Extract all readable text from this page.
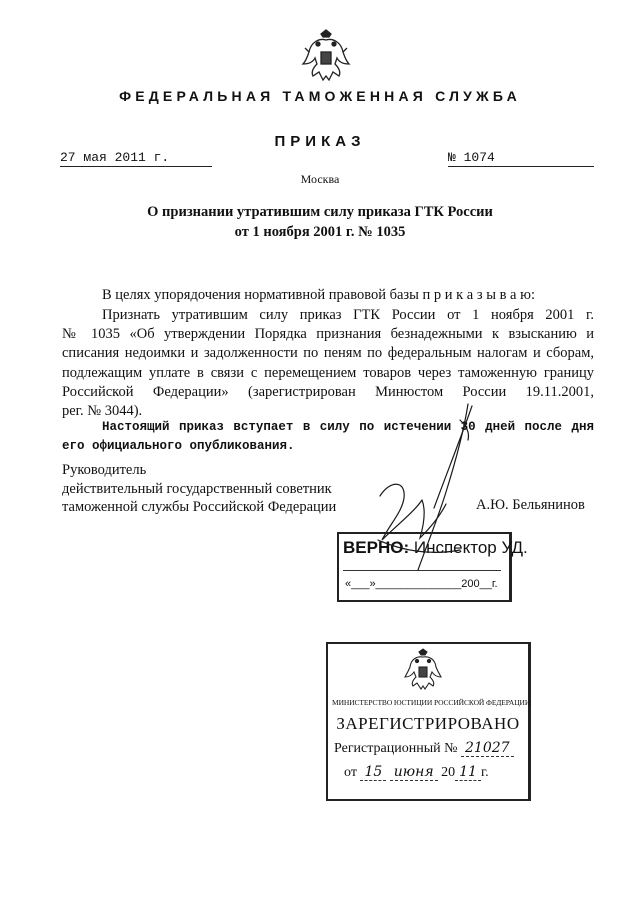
ФЕДЕРАЛЬНАЯ ТАМОЖЕННАЯ СЛУЖБА
ПРИКАЗ
27 мая 2011 г.	№ 1074
Москва
О признании утратившим силу приказа ГТК России
от 1 ноября 2001 г. № 1035
В целях упорядочения нормативной правовой базы п р и к а з ы в а ю:
Признать утратившим силу приказ ГТК России от 1 ноября 2001 г.
№ 1035 «Об утверждении Порядка признания безнадежными к взысканию и
списания недоимки и задолженности по пеням по федеральным налогам и сборам,
подлежащим уплате в связи с перемещением товаров через таможенную границу
Российской Федерации» (зарегистрирован Минюстом России 19.11.2001,
рег. № 3044).
Настоящий приказ вступает в силу по истечении 30 дней после дня
его официального опубликования.
Руководитель
действительный государственный советник
таможенной службы Российской Федерации	А.Ю. Бельянинов
ВЕРНО: Инспектор УД.
«___»______________200__г.
МИНИСТЕРСТВО ЮСТИЦИИ РОССИЙСКОЙ ФЕДЕРАЦИИ
ЗАРЕГИСТРИРОВАНО
Регистрационный № 21027
от 15 июня 20 11 г.
